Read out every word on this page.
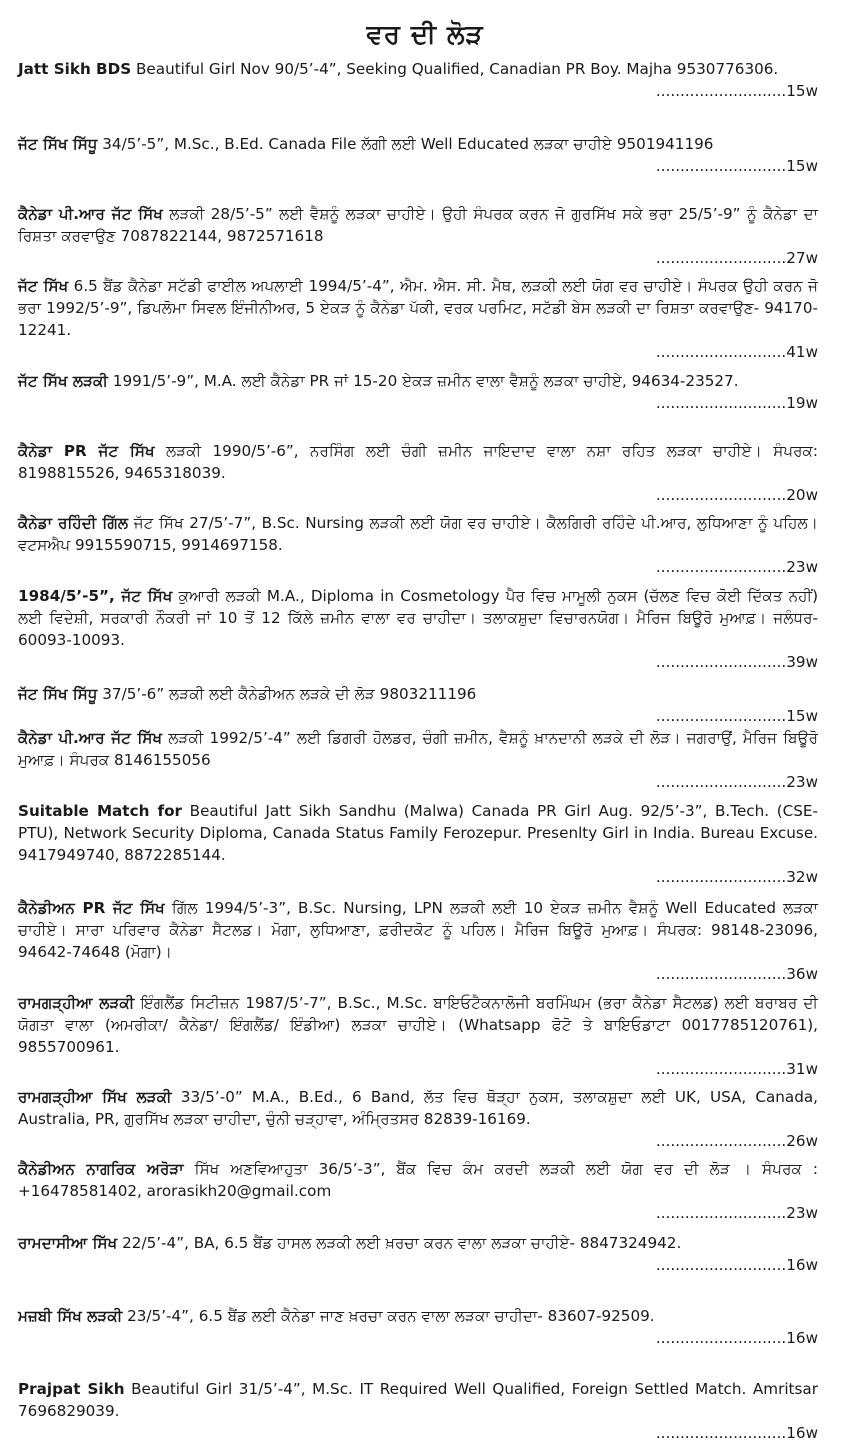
ਵਰ ਦੀ ਲੋੜ
Jatt Sikh BDS Beautiful Girl Nov 90/5’-4”, Seeking Qualified, Canadian PR Boy. Majha 9530776306.
...........................15w
ਜੱਟ ਸਿੱਖ ਸਿੱਧੂ 34/5’-5”, M.Sc., B.Ed. Canada File ਲੱਗੀ ਲਈ Well Educated ਲੜਕਾ ਚਾਹੀਏ 9501941196
...........................15w
ਕੈਨੇਡਾ ਪੀ.ਆਰ ਜੱਟ ਸਿੱਖ ਲੜਕੀ 28/5’-5” ਲਈ ਵੈਸ਼ਨੂੰ ਲੜਕਾ ਚਾਹੀਏ। ਉਹੀ ਸੰਪਰਕ ਕਰਨ ਜੋ ਗੁਰਸਿੱਖ ਸਕੇ ਭਰਾ 25/5’-9” ਨੂੰ ਕੈਨੇਡਾ ਦਾ ਰਿਸ਼ਤਾ ਕਰਵਾਉਣ 7087822144, 9872571618
...........................27w
ਜੱਟ ਸਿੱਖ 6.5 ਬੈਂਡ ਕੈਨੇਡਾ ਸਟੱਡੀ ਫਾਈਲ ਅਪਲਾਈ 1994/5’-4”, ਐਮ. ਐਸ. ਸੀ. ਮੈਥ, ਲੜਕੀ ਲਈ ਯੋਗ ਵਰ ਚਾਹੀਏ। ਸੰਪਰਕ ਉਹੀ ਕਰਨ ਜੋ ਭਰਾ 1992/5’-9”, ਡਿਪਲੋਮਾ ਸਿਵਲ ਇੰਜੀਨੀਅਰ, 5 ਏਕੜ ਨੂੰ ਕੈਨੇਡਾ ਪੱਕੀ, ਵਰਕ ਪਰਮਿਟ, ਸਟੱਡੀ ਬੇਸ ਲੜਕੀ ਦਾ ਰਿਸ਼ਤਾ ਕਰਵਾਉਣ- 94170-12241.
...........................41w
ਜੱਟ ਸਿੱਖ ਲੜਕੀ 1991/5’-9”, M.A. ਲਈ ਕੈਨੇਡਾ PR ਜਾਂ 15-20 ਏਕੜ ਜ਼ਮੀਨ ਵਾਲਾ ਵੈਸ਼ਨੂੰ ਲੜਕਾ ਚਾਹੀਏ, 94634-23527.
...........................19w
ਕੈਨੇਡਾ PR ਜੱਟ ਸਿੱਖ ਲੜਕੀ 1990/5’-6”, ਨਰਸਿੰਗ ਲਈ ਚੰਗੀ ਜ਼ਮੀਨ ਜਾਇਦਾਦ ਵਾਲਾ ਨਸ਼ਾ ਰਹਿਤ ਲੜਕਾ ਚਾਹੀਏ। ਸੰਪਰਕ: 8198815526, 9465318039.
...........................20w
ਕੈਨੇਡਾ ਰਹਿੰਦੀ ਗਿੱਲ ਜੱਟ ਸਿੱਖ 27/5’-7”, B.Sc. Nursing ਲੜਕੀ ਲਈ ਯੋਗ ਵਰ ਚਾਹੀਏ। ਕੈਲਗਿਰੀ ਰਹਿੰਦੇ ਪੀ.ਆਰ, ਲੁਧਿਆਣਾ ਨੂੰ ਪਹਿਲ। ਵਟਸਐਪ 9915590715, 9914697158.
...........................23w
1984/5’-5”, ਜੱਟ ਸਿੱਖ ਕੁਆਰੀ ਲੜਕੀ M.A., Diploma in Cosmetology ਪੈਰ ਵਿਚ ਮਾਮੂਲੀ ਨੁਕਸ (ਚੱਲਣ ਵਿਚ ਕੋਈ ਦਿੱਕਤ ਨਹੀਂ) ਲਈ ਵਿਦੇਸ਼ੀ, ਸਰਕਾਰੀ ਨੌਕਰੀ ਜਾਂ 10 ਤੋਂ 12 ਕਿੱਲੇ ਜ਼ਮੀਨ ਵਾਲਾ ਵਰ ਚਾਹੀਦਾ। ਤਲਾਕਸ਼ੁਦਾ ਵਿਚਾਰਨਯੋਗ। ਮੈਰਿਜ ਬਿਊਰੋ ਮੁਆਫ਼। ਜਲੰਧਰ- 60093-10093.
...........................39w
ਜੱਟ ਸਿੱਖ ਸਿੱਧੂ 37/5’-6” ਲੜਕੀ ਲਈ ਕੈਨੇਡੀਅਨ ਲੜਕੇ ਦੀ ਲੋੜ 9803211196
...........................15w
ਕੈਨੇਡਾ ਪੀ.ਆਰ ਜੱਟ ਸਿੱਖ ਲੜਕੀ 1992/5’-4” ਲਈ ਡਿਗਰੀ ਹੋਲਡਰ, ਚੰਗੀ ਜ਼ਮੀਨ, ਵੈਸ਼ਨੂੰ ਖ਼ਾਨਦਾਨੀ ਲੜਕੇ ਦੀ ਲੋੜ। ਜਗਰਾਉਂ, ਮੈਰਿਜ ਬਿਊਰੋ ਮੁਆਫ਼। ਸੰਪਰਕ 8146155056
...........................23w
Suitable Match for Beautiful Jatt Sikh Sandhu (Malwa) Canada PR Girl Aug. 92/5’-3”, B.Tech. (CSE-PTU), Network Security Diploma, Canada Status Family Ferozepur. Presenlty Girl in India. Bureau Excuse. 9417949740, 8872285144.
...........................32w
ਕੈਨੇਡੀਅਨ PR ਜੱਟ ਸਿੱਖ ਗਿੱਲ 1994/5’-3”, B.Sc. Nursing, LPN ਲੜਕੀ ਲਈ 10 ਏਕੜ ਜ਼ਮੀਨ ਵੈਸ਼ਨੂੰ Well Educated ਲੜਕਾ ਚਾਹੀਏ। ਸਾਰਾ ਪਰਿਵਾਰ ਕੈਨੇਡਾ ਸੈਟਲਡ। ਮੋਗਾ, ਲੁਧਿਆਣਾ, ਫ਼ਰੀਦਕੋਟ ਨੂੰ ਪਹਿਲ। ਮੈਰਿਜ ਬਿਊਰੋ ਮੁਆਫ਼। ਸੰਪਰਕ: 98148-23096, 94642-74648 (ਮੋਗਾ)।
...........................36w
ਰਾਮਗੜ੍ਹੀਆ ਲੜਕੀ ਇੰਗਲੈਂਡ ਸਿਟੀਜ਼ਨ 1987/5’-7”, B.Sc., M.Sc. ਬਾਇਓਟੈਕਨਾਲੋਜੀ ਬਰਮਿੰਘਮ (ਭਰਾ ਕੈਨੇਡਾ ਸੈਟਲਡ) ਲਈ ਬਰਾਬਰ ਦੀ ਯੋਗਤਾ ਵਾਲਾ (ਅਮਰੀਕਾ/ ਕੈਨੇਡਾ/ ਇੰਗਲੈਂਡ/ ਇੰਡੀਆ) ਲੜਕਾ ਚਾਹੀਏ। (Whatsapp ਫੋਟੋ ਤੇ ਬਾਇਓਡਾਟਾ 0017785120761), 9855700961.
...........................31w
ਰਾਮਗੜ੍ਹੀਆ ਸਿੱਖ ਲੜਕੀ 33/5’-0” M.A., B.Ed., 6 Band, ਲੱਤ ਵਿਚ ਥੋੜ੍ਹਾ ਨੁਕਸ, ਤਲਾਕਸ਼ੁਦਾ ਲਈ UK, USA, Canada, Australia, PR, ਗੁਰਸਿੱਖ ਲੜਕਾ ਚਾਹੀਦਾ, ਚੁੰਨੀ ਚੜ੍ਹਾਵਾ, ਅੰਮ੍ਰਿਤਸਰ 82839-16169.
...........................26w
ਕੈਨੇਡੀਅਨ ਨਾਗਰਿਕ ਅਰੋੜਾ ਸਿੱਖ ਅਣਵਿਆਹੁਤਾ 36/5’-3”, ਬੈਂਕ ਵਿਚ ਕੰਮ ਕਰਦੀ ਲੜਕੀ ਲਈ ਯੋਗ ਵਰ ਦੀ ਲੋੜ । ਸੰਪਰਕ : +16478581402, arorasikh20@gmail.com
...........................23w
ਰਾਮਦਾਸੀਆ ਸਿੱਖ 22/5’-4”, BA, 6.5 ਬੈਂਡ ਹਾਸਲ ਲੜਕੀ ਲਈ ਖ਼ਰਚਾ ਕਰਨ ਵਾਲਾ ਲੜਕਾ ਚਾਹੀਏ- 8847324942.
...........................16w
ਮਜ਼ਬੀ ਸਿੱਖ ਲੜਕੀ 23/5’-4”, 6.5 ਬੈਂਡ ਲਈ ਕੈਨੇਡਾ ਜਾਣ ਖ਼ਰਚਾ ਕਰਨ ਵਾਲਾ ਲੜਕਾ ਚਾਹੀਦਾ- 83607-92509.
...........................16w
Prajpat Sikh Beautiful Girl 31/5’-4”, M.Sc. IT Required Well Qualified, Foreign Settled Match. Amritsar 7696829039.
...........................16w
